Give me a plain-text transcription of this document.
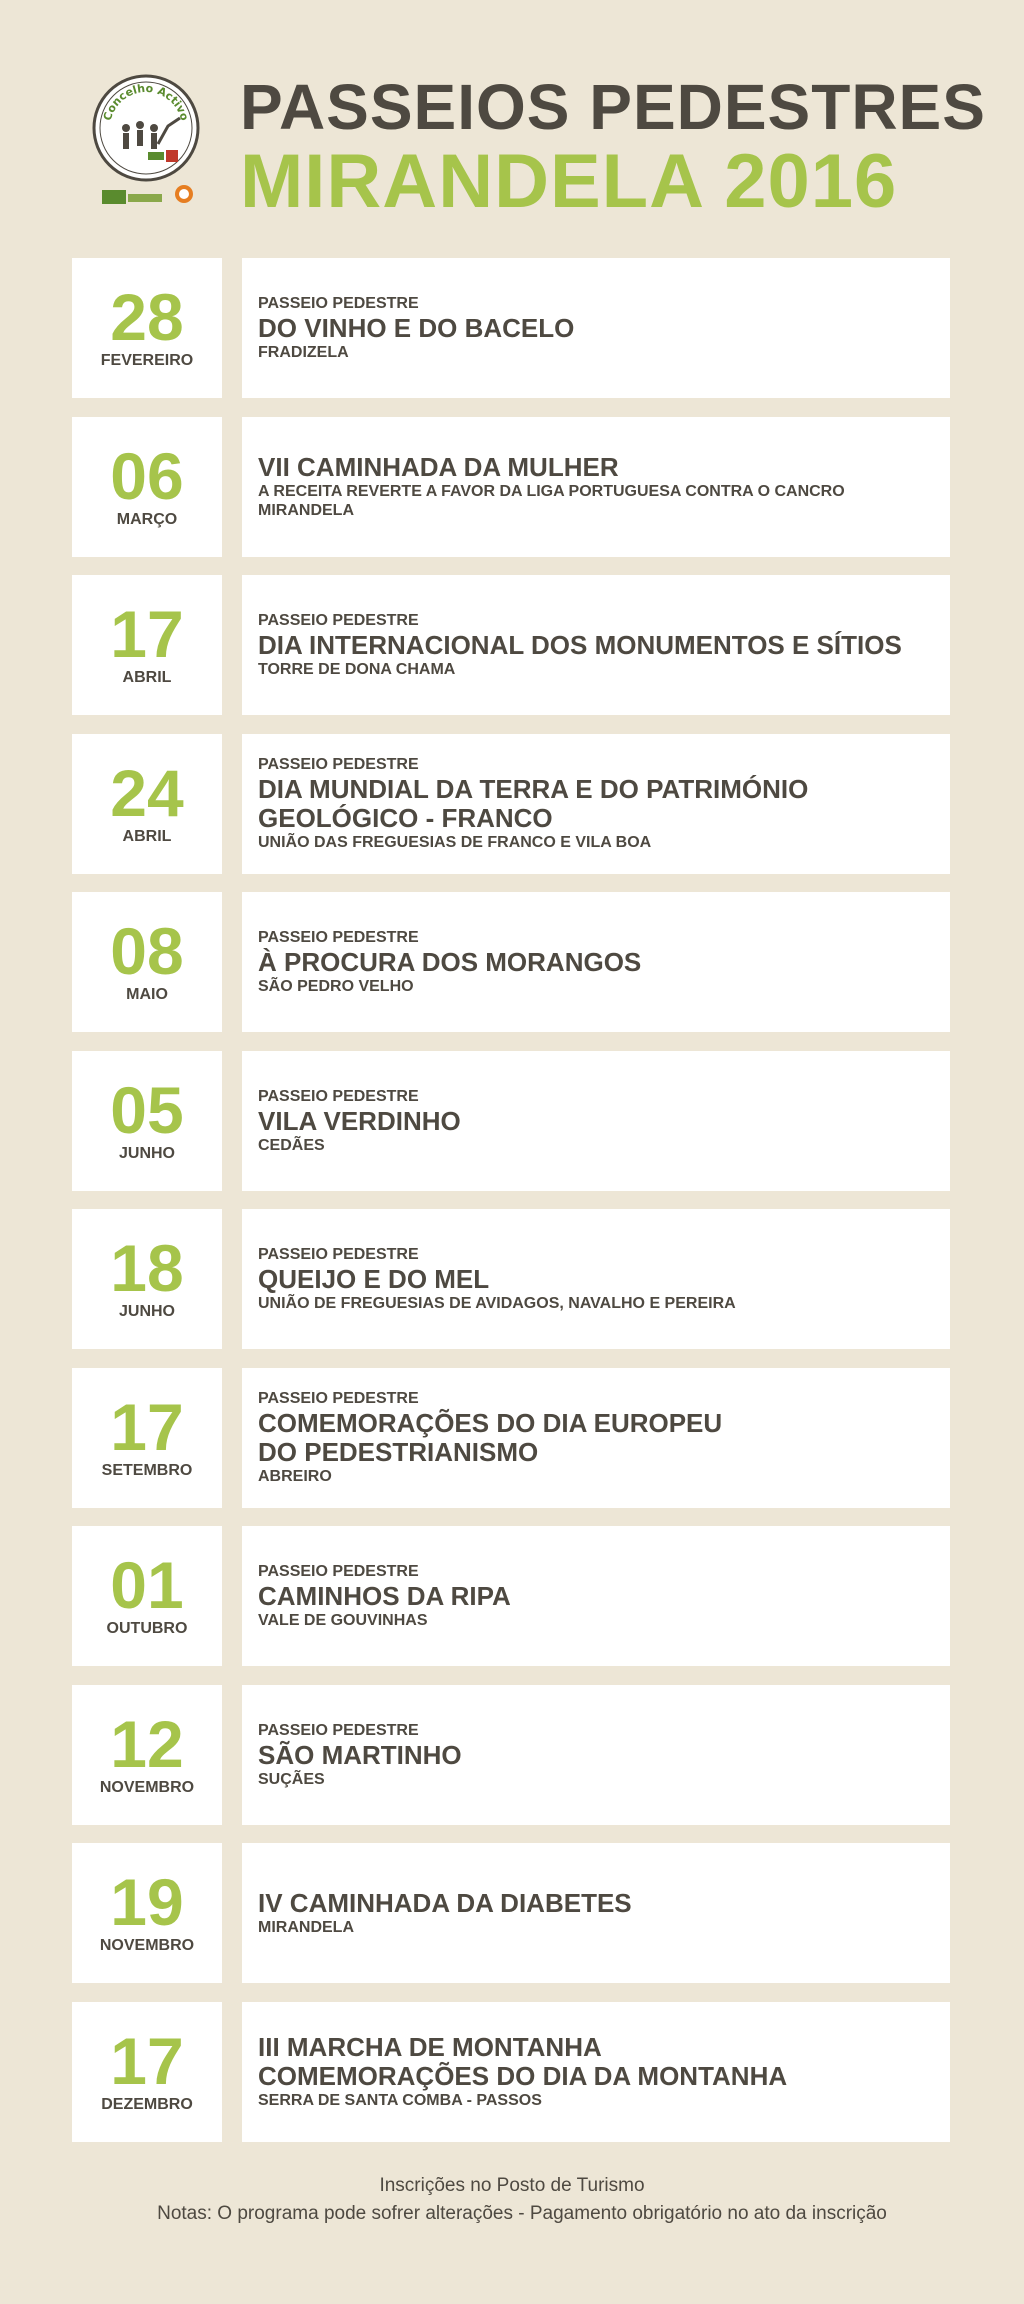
Concelho Activo PASSEIOS PEDESTRES
MIRANDELA 2016
28
FEVEREIRO
PASSEIO PEDESTRE
DO VINHO E DO BACELO
FRADIZELA
06
MARÇO
VII CAMINHADA DA MULHER
A RECEITA REVERTE A FAVOR DA LIGA PORTUGUESA CONTRA O CANCRO
MIRANDELA
17
ABRIL
PASSEIO PEDESTRE
DIA INTERNACIONAL DOS MONUMENTOS E SÍTIOS
TORRE DE DONA CHAMA
24
ABRIL
PASSEIO PEDESTRE
DIA MUNDIAL DA TERRA E DO PATRIMÓNIO
GEOLÓGICO - FRANCO
UNIÃO DAS FREGUESIAS DE FRANCO E VILA BOA
08
MAIO
PASSEIO PEDESTRE
À PROCURA DOS MORANGOS
SÃO PEDRO VELHO
05
JUNHO
PASSEIO PEDESTRE
VILA VERDINHO
CEDÃES
18
JUNHO
PASSEIO PEDESTRE
QUEIJO E DO MEL
UNIÃO DE FREGUESIAS DE AVIDAGOS, NAVALHO E PEREIRA
17
SETEMBRO
PASSEIO PEDESTRE
COMEMORAÇÕES DO DIA EUROPEU
DO PEDESTRIANISMO
ABREIRO
01
OUTUBRO
PASSEIO PEDESTRE
CAMINHOS DA RIPA
VALE DE GOUVINHAS
12
NOVEMBRO
PASSEIO PEDESTRE
SÃO MARTINHO
SUÇÃES
19
NOVEMBRO
IV CAMINHADA DA DIABETES
MIRANDELA
17
DEZEMBRO
III MARCHA DE MONTANHA
COMEMORAÇÕES DO DIA DA MONTANHA
SERRA DE SANTA COMBA - PASSOS
Inscrições no Posto de Turismo
Notas: O programa pode sofrer alterações - Pagamento obrigatório no ato da inscrição
